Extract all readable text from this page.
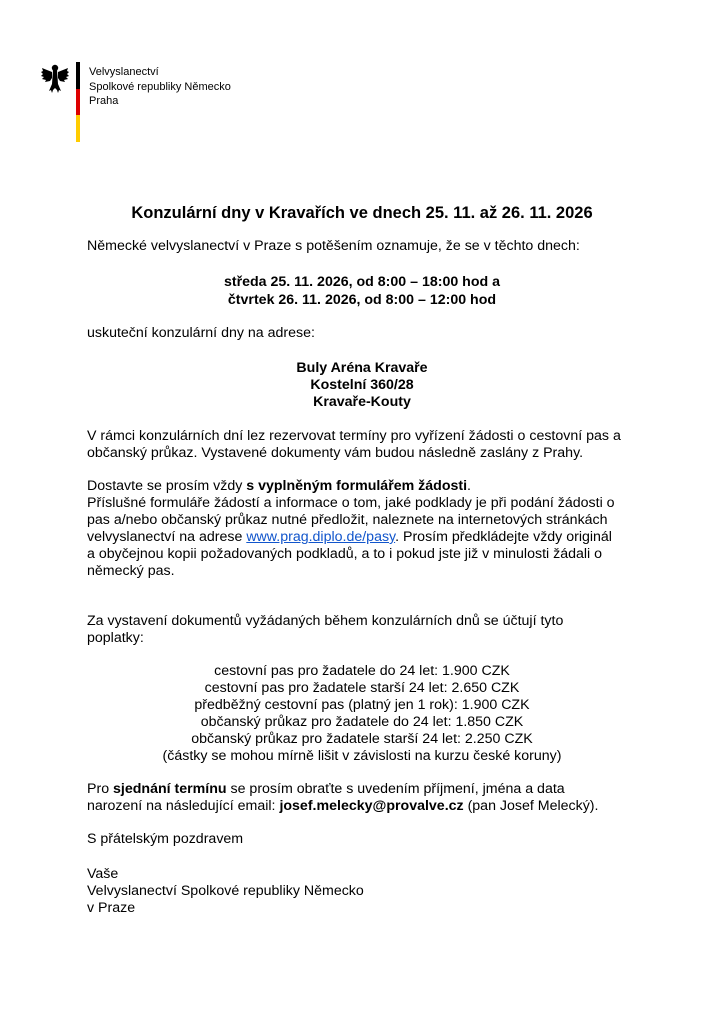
Velvyslanectví
Spolkové republiky Německo
Praha
Konzulární dny v Kravařích ve dnech 25. 11. až 26. 11. 2026

Německé velvyslanectví v Praze s potěšením oznamuje, že se v těchto dnech:

středa 25. 11. 2026, od 8:00 – 18:00 hod a

čtvrtek 26. 11. 2026, od 8:00 – 12:00 hod

uskuteční konzulární dny na adrese:

Buly Aréna Kravaře

Kostelní 360/28

Kravaře-Kouty

V rámci konzulárních dní lez rezervovat termíny pro vyřízení žádosti o cestovní pas a

občanský průkaz. Vystavené dokumenty vám budou následně zaslány z Prahy.

Dostavte se prosím vždy s vyplněným formulářem žádosti.

Příslušné formuláře žádostí a informace o tom, jaké podklady je při podání žádosti o

pas a/nebo občanský průkaz nutné předložit, naleznete na internetových stránkách

velvyslanectví na adrese www.prag.diplo.de/pasy. Prosím předkládejte vždy originál

a obyčejnou kopii požadovaných podkladů, a to i pokud jste již v minulosti žádali o

německý pas.

Za vystavení dokumentů vyžádaných během konzulárních dnů se účtují tyto

poplatky:

cestovní pas pro žadatele do 24 let: 1.900 CZK

cestovní pas pro žadatele starší 24 let: 2.650 CZK

předběžný cestovní pas (platný jen 1 rok): 1.900 CZK

občanský průkaz pro žadatele do 24 let: 1.850 CZK

občanský průkaz pro žadatele starší 24 let: 2.250 CZK

(částky se mohou mírně lišit v závislosti na kurzu české koruny)

Pro sjednání termínu se prosím obraťte s uvedením příjmení, jména a data

narození na následující email: josef.melecky@provalve.cz (pan Josef Melecký).

S přátelským pozdravem

Vaše

Velvyslanectví Spolkové republiky Německo

v Praze
